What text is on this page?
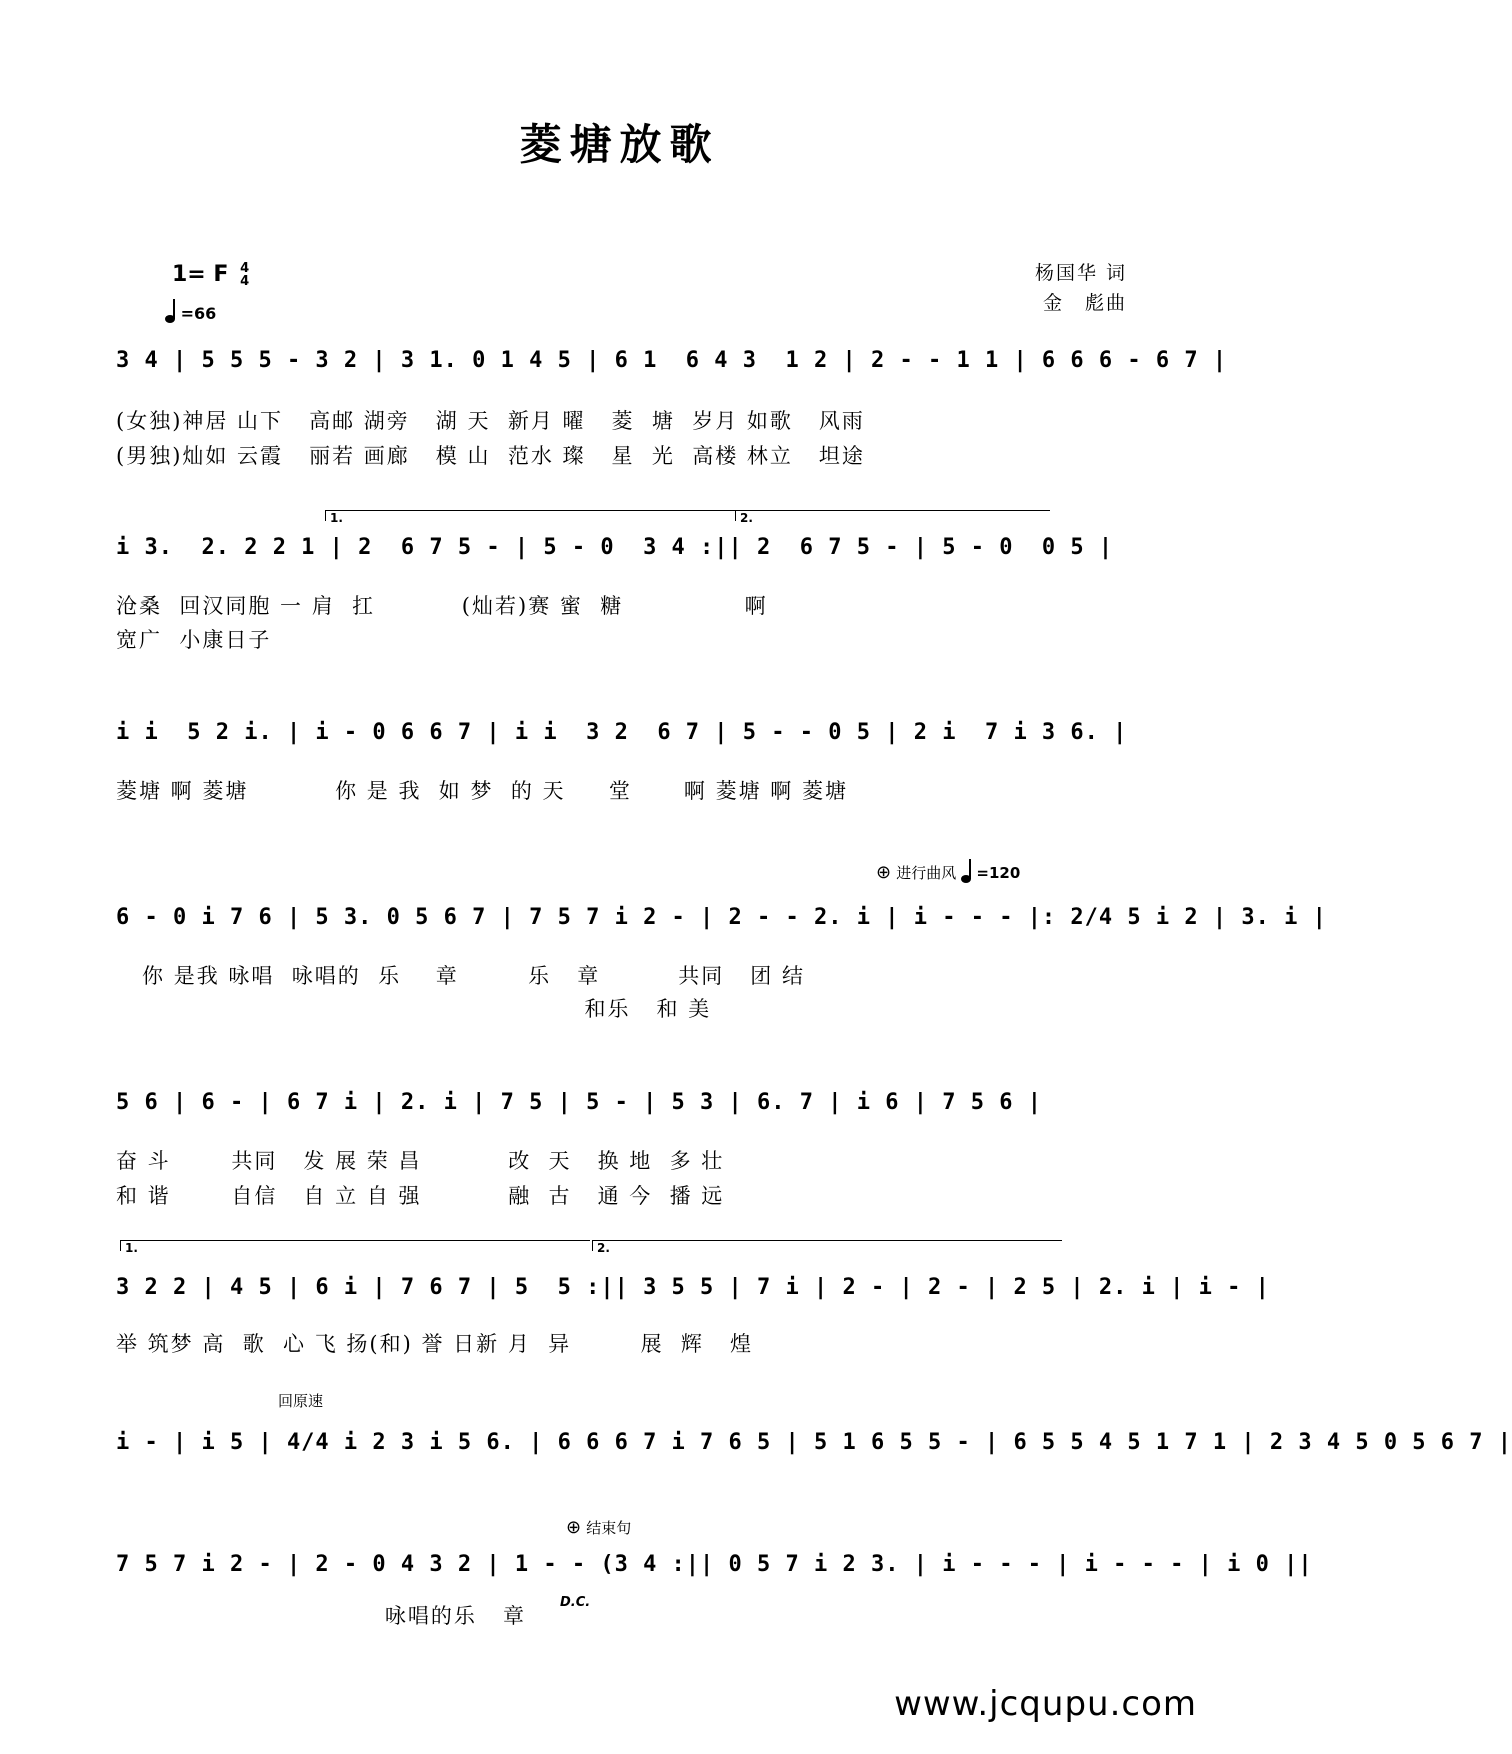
菱塘放歌
杨国华 词
金　彪曲
1= F 4
4
=66
3 4 | 5 5 5 - 3 2 | 3 1. 0 1 4 5 | 6 1  6 4 3  1 2 | 2 - - 1 1 | 6 6 6 - 6 7 |
(女独)神居 山下   高邮 湖旁   湖 天  新月 曜   菱  塘  岁月 如歌   风雨
(男独)灿如 云霞   丽若 画廊   模 山  范水 璨   星  光  高楼 林立   坦途
1.	2.
i 3.  2. 2 2 1 | 2  6 7 5 - | 5 - 0  3 4 :|| 2  6 7 5 - | 5 - 0  0 5 |
沧桑  回汉同胞 一 肩  扛          (灿若)赛 蜜  糖              啊
宽广  小康日子
i i  5 2 i. | i - 0 6 6 7 | i i  3 2  6 7 | 5 - - 0 5 | 2 i  7 i 3 6. |
菱塘 啊 菱塘          你 是 我  如 梦  的 天     堂      啊 菱塘 啊 菱塘
⊕ 进行曲风 =120
6 - 0 i 7 6 | 5 3. 0 5 6 7 | 7 5 7 i 2 - | 2 - - 2. i | i - - - |: 2/4 5 i 2 | 3. i |
你 是我 咏唱  咏唱的  乐    章        乐   章         共同   团 结
和乐   和 美
5 6 | 6 - | 6 7 i | 2. i | 7 5 | 5 - | 5 3 | 6. 7 | i 6 | 7 5 6 |
奋 斗       共同   发 展 荣 昌          改  天   换 地  多 壮
和 谐       自信   自 立 自 强          融  古   通 今  播 远
1.	2.
3 2 2 | 4 5 | 6 i | 7 6 7 | 5  5 :|| 3 5 5 | 7 i | 2 - | 2 - | 2 5 | 2. i | i - |
举 筑梦 高  歌  心 飞 扬(和) 誉 日新 月  异        展  辉   煌
回原速
i - | i 5 | 4/4 i 2 3 i 5 6. | 6 6 6 7 i 7 6 5 | 5 1 6 5 5 - | 6 5 5 4 5 1 7 1 | 2 3 4 5 0 5 6 7 |
⊕ 结束句
7 5 7 i 2 - | 2 - 0 4 3 2 | 1 - - (3 4 :|| 0 5 7 i 2 3. | i - - - | i - - - | i 0 ||
D.C.
咏唱的乐   章
www.jcqupu.com
